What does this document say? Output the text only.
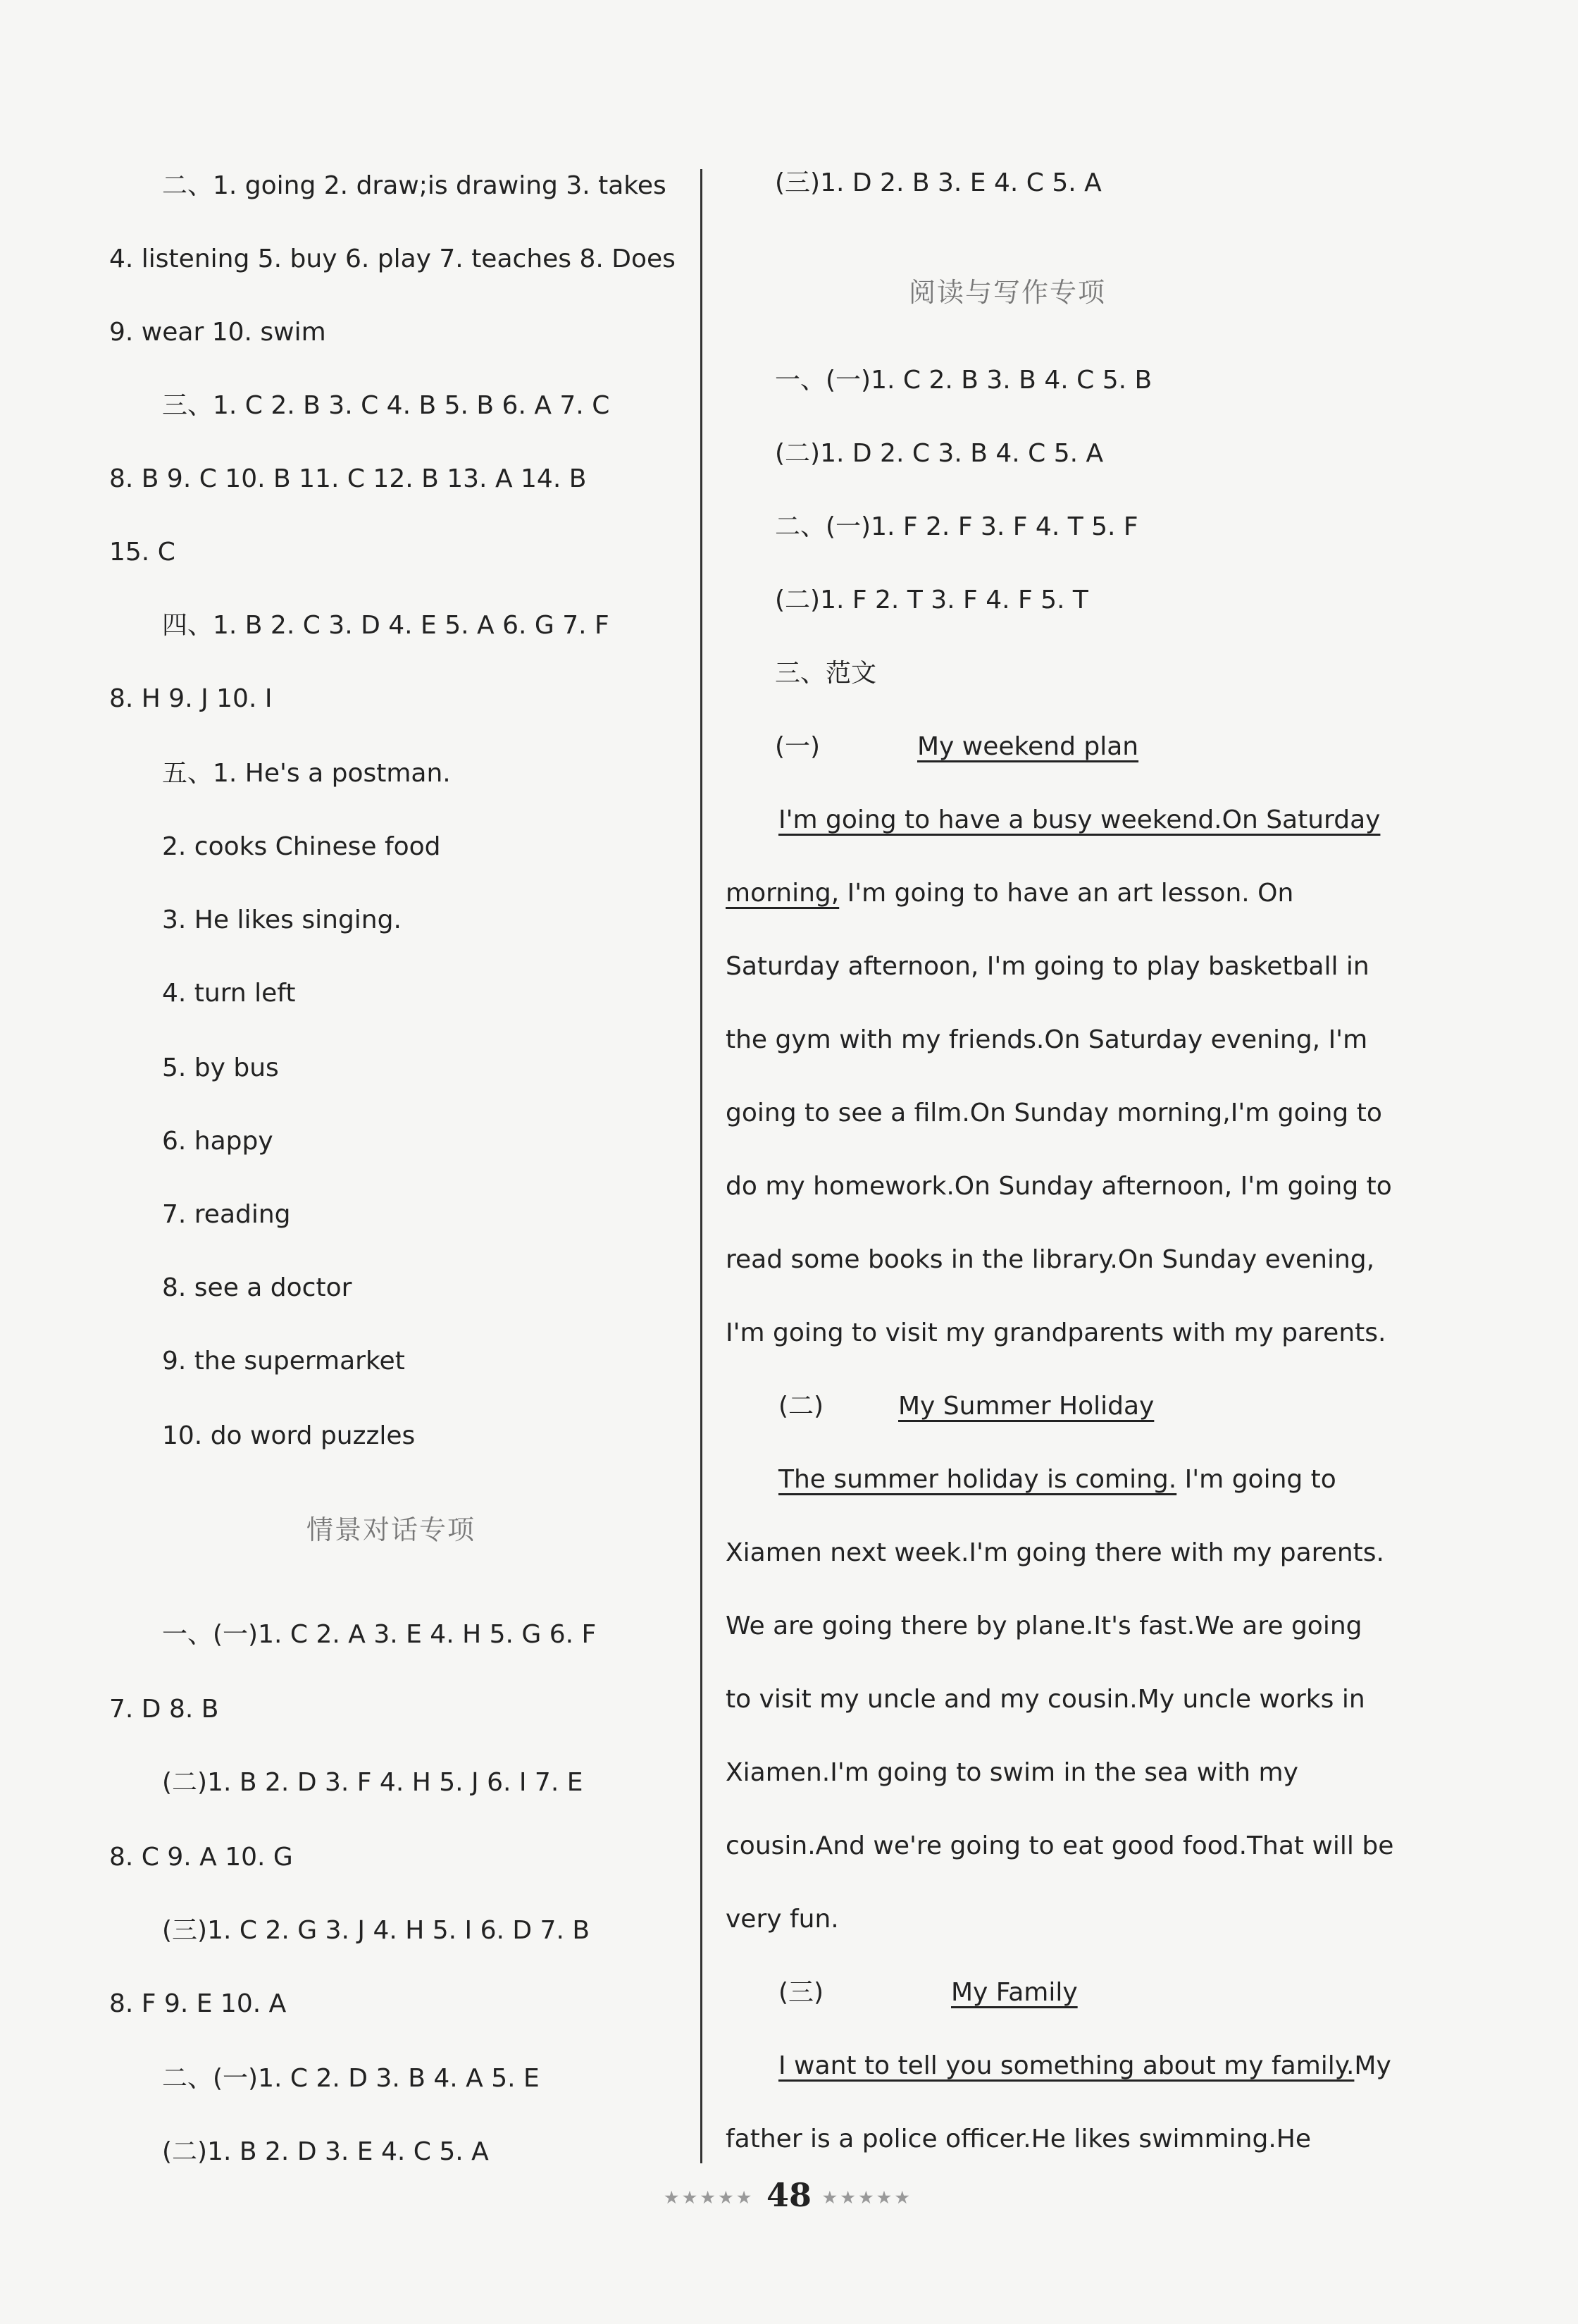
二、1. going 2. draw;is drawing 3. takes
4. listening 5. buy 6. play 7. teaches 8. Does
9. wear 10. swim
三、1. C 2. B 3. C 4. B 5. B 6. A 7. C
8. B 9. C 10. B 11. C 12. B 13. A 14. B
15. C
四、1. B 2. C 3. D 4. E 5. A 6. G 7. F
8. H 9. J 10. I
五、1. He's a postman.
2. cooks Chinese food
3. He likes singing.
4. turn left
5. by bus
6. happy
7. reading
8. see a doctor
9. the supermarket
10. do word puzzles
情景对话专项
一、(一)1. C 2. A 3. E 4. H 5. G 6. F
7. D 8. B
(二)1. B 2. D 3. F 4. H 5. J 6. I 7. E
8. C 9. A 10. G
(三)1. C 2. G 3. J 4. H 5. I 6. D 7. B
8. F 9. E 10. A
二、(一)1. C 2. D 3. B 4. A 5. E
(二)1. B 2. D 3. E 4. C 5. A
(三)1. D 2. B 3. E 4. C 5. A
阅读与写作专项
一、(一)1. C 2. B 3. B 4. C 5. B
(二)1. D 2. C 3. B 4. C 5. A
二、(一)1. F 2. F 3. F 4. T 5. F
(二)1. F 2. T 3. F 4. F 5. T
三、范文
(一)	My weekend plan
I'm going to have a busy weekend.On Saturday
morning, I'm going to have an art lesson. On
Saturday afternoon, I'm going to play basketball in
the gym with my friends.On Saturday evening, I'm
going to see a film.On Sunday morning,I'm going to
do my homework.On Sunday afternoon, I'm going to
read some books in the library.On Sunday evening,
I'm going to visit my grandparents with my parents.
(二)	My Summer Holiday
The summer holiday is coming. I'm going to
Xiamen next week.I'm going there with my parents.
We are going there by plane.It's fast.We are going
to visit my uncle and my cousin.My uncle works in
Xiamen.I'm going to swim in the sea with my
cousin.And we're going to eat good food.That will be
very fun.
(三)	My Family
I want to tell you something about my family.My
father is a police officer.He likes swimming.He
★★★★★ 48 ★★★★★
